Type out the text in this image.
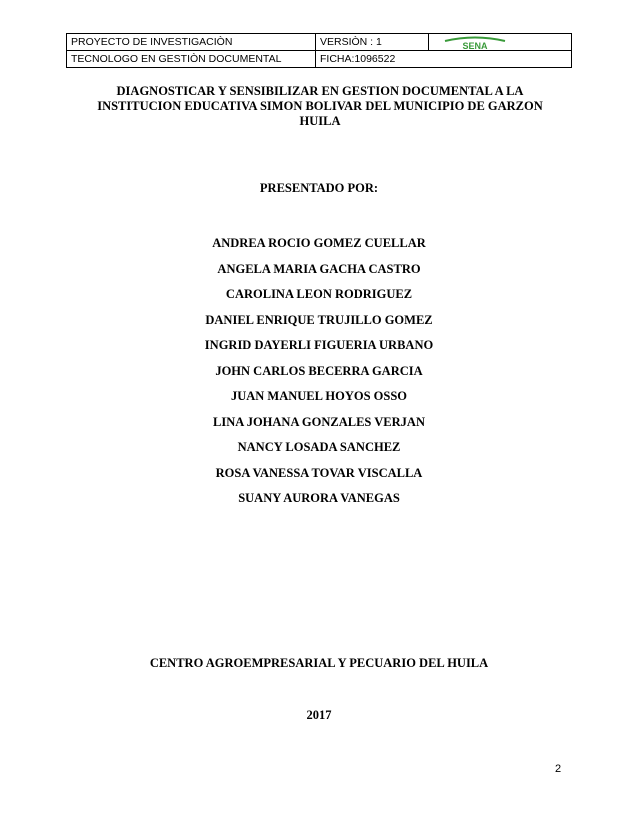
PROYECTO DE INVESTIGACIÒN	VERSIÒN : 1	SENA

TECNOLOGO EN GESTIÒN DOCUMENTAL	FICHA:1096522	
DIAGNOSTICAR Y SENSIBILIZAR EN GESTION DOCUMENTAL A LA INSTITUCION EDUCATIVA SIMON BOLIVAR DEL MUNICIPIO DE GARZON HUILA
PRESENTADO POR:
ANDREA ROCIO GOMEZ CUELLAR
ANGELA MARIA GACHA CASTRO
CAROLINA LEON RODRIGUEZ
DANIEL ENRIQUE TRUJILLO GOMEZ
INGRID DAYERLI FIGUERIA URBANO
JOHN CARLOS BECERRA GARCIA
JUAN MANUEL HOYOS OSSO
LINA JOHANA GONZALES VERJAN
NANCY LOSADA SANCHEZ
ROSA VANESSA TOVAR VISCALLA
SUANY AURORA VANEGAS
CENTRO AGROEMPRESARIAL Y PECUARIO DEL HUILA
2017
2
